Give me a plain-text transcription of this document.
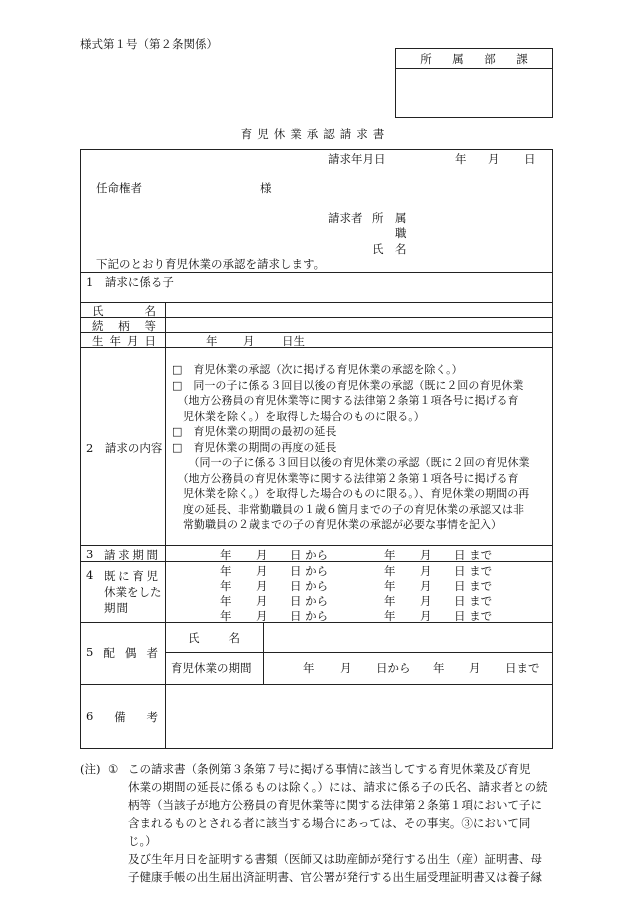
様式第１号（第２条関係）
所 属 部 課
育児休業承認請求書
請求年月日	年 月 日
任命権者	様
請求者 所　属
職
氏　名
下記のとおり育児休業の承認を請求します。
1　請求に係る子
氏	名
続 柄 等
生 年 月 日	年 月 日生
2　請求の内容
□　育児休業の承認（次に掲げる育児休業の承認を除く。）
□　同一の子に係る３回目以後の育児休業の承認（既に２回の育児休業
　（地方公務員の育児休業等に関する法律第２条第１項各号に掲げる育
　児休業を除く。）を取得した場合のものに限る。）
□　育児休業の期間の最初の延長
□　育児休業の期間の再度の延長
　　（同一の子に係る３回目以後の育児休業の承認（既に２回の育児休業
　（地方公務員の育児休業等に関する法律第２条第１項各号に掲げる育
　児休業を除く。）を取得した場合のものに限る。）、育児休業の期間の再
　度の延長、非常勤職員の１歳６箇月までの子の育児休業の承認又は非
　常勤職員の２歳までの子の育児休業の承認が必要な事情を記入）
3 請 求 期 間	年 月 日 から	年 月 日 まで
4 既 に 育 児
休 業 を し た
期 間
年 月 日 から	年 月 日 まで
年 月 日 から	年 月 日 まで
年 月 日 から	年 月 日 まで
年 月 日 から	年 月 日 まで
5 配 偶 者
氏	名
育児休業の期間	年 月 日から 年 月 日まで
6 備 考
(注) ① この請求書（条例第３条第７号に掲げる事情に該当してする育児休業及び育児
休業の期間の延長に係るものは除く。）には、請求に係る子の氏名、請求者との続
柄等（当該子が地方公務員の育児休業等に関する法律第２条第１項において子に
含まれるものとされる者に該当する場合にあっては、その事実。③において同じ。）
及び生年月日を証明する書類（医師又は助産師が発行する出生（産）証明書、母
子健康手帳の出生届出済証明書、官公署が発行する出生届受理証明書又は養子縁
